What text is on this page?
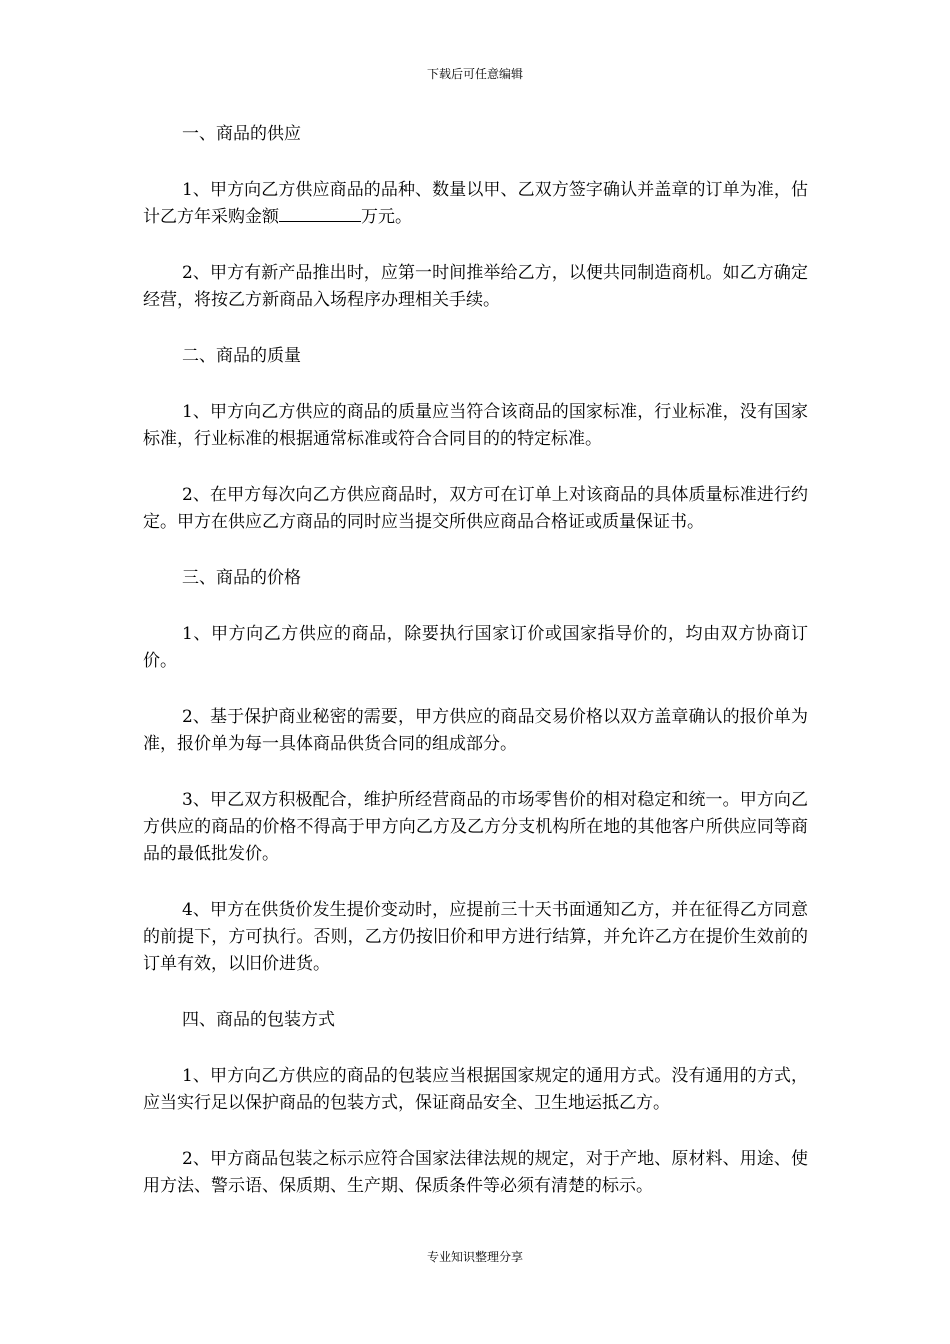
下载后可任意编辑
一、商品的供应

1、甲方向乙方供应商品的品种、数量以甲、乙双方签字确认并盖章的订单为准，估计乙方年采购金额	万元。

2、甲方有新产品推出时，应第一时间推举给乙方，以便共同制造商机。如乙方确定经营，将按乙方新商品入场程序办理相关手续。

二、商品的质量

1、甲方向乙方供应的商品的质量应当符合该商品的国家标准，行业标准，没有国家标准，行业标准的根据通常标准或符合合同目的的特定标准。

2、在甲方每次向乙方供应商品时，双方可在订单上对该商品的具体质量标准进行约定。甲方在供应乙方商品的同时应当提交所供应商品合格证或质量保证书。

三、商品的价格

1、甲方向乙方供应的商品，除要执行国家订价或国家指导价的，均由双方协商订价。

2、基于保护商业秘密的需要，甲方供应的商品交易价格以双方盖章确认的报价单为准，报价单为每一具体商品供货合同的组成部分。

3、甲乙双方积极配合，维护所经营商品的市场零售价的相对稳定和统一。甲方向乙方供应的商品的价格不得高于甲方向乙方及乙方分支机构所在地的其他客户所供应同等商品的最低批发价。

4、甲方在供货价发生提价变动时，应提前三十天书面通知乙方，并在征得乙方同意的前提下，方可执行。否则，乙方仍按旧价和甲方进行结算，并允许乙方在提价生效前的订单有效，以旧价进货。

四、商品的包装方式

1、甲方向乙方供应的商品的包装应当根据国家规定的通用方式。没有通用的方式，应当实行足以保护商品的包装方式，保证商品安全、卫生地运抵乙方。

2、甲方商品包装之标示应符合国家法律法规的规定，对于产地、原材料、用途、使用方法、警示语、保质期、生产期、保质条件等必须有清楚的标示。

专业知识整理分享
